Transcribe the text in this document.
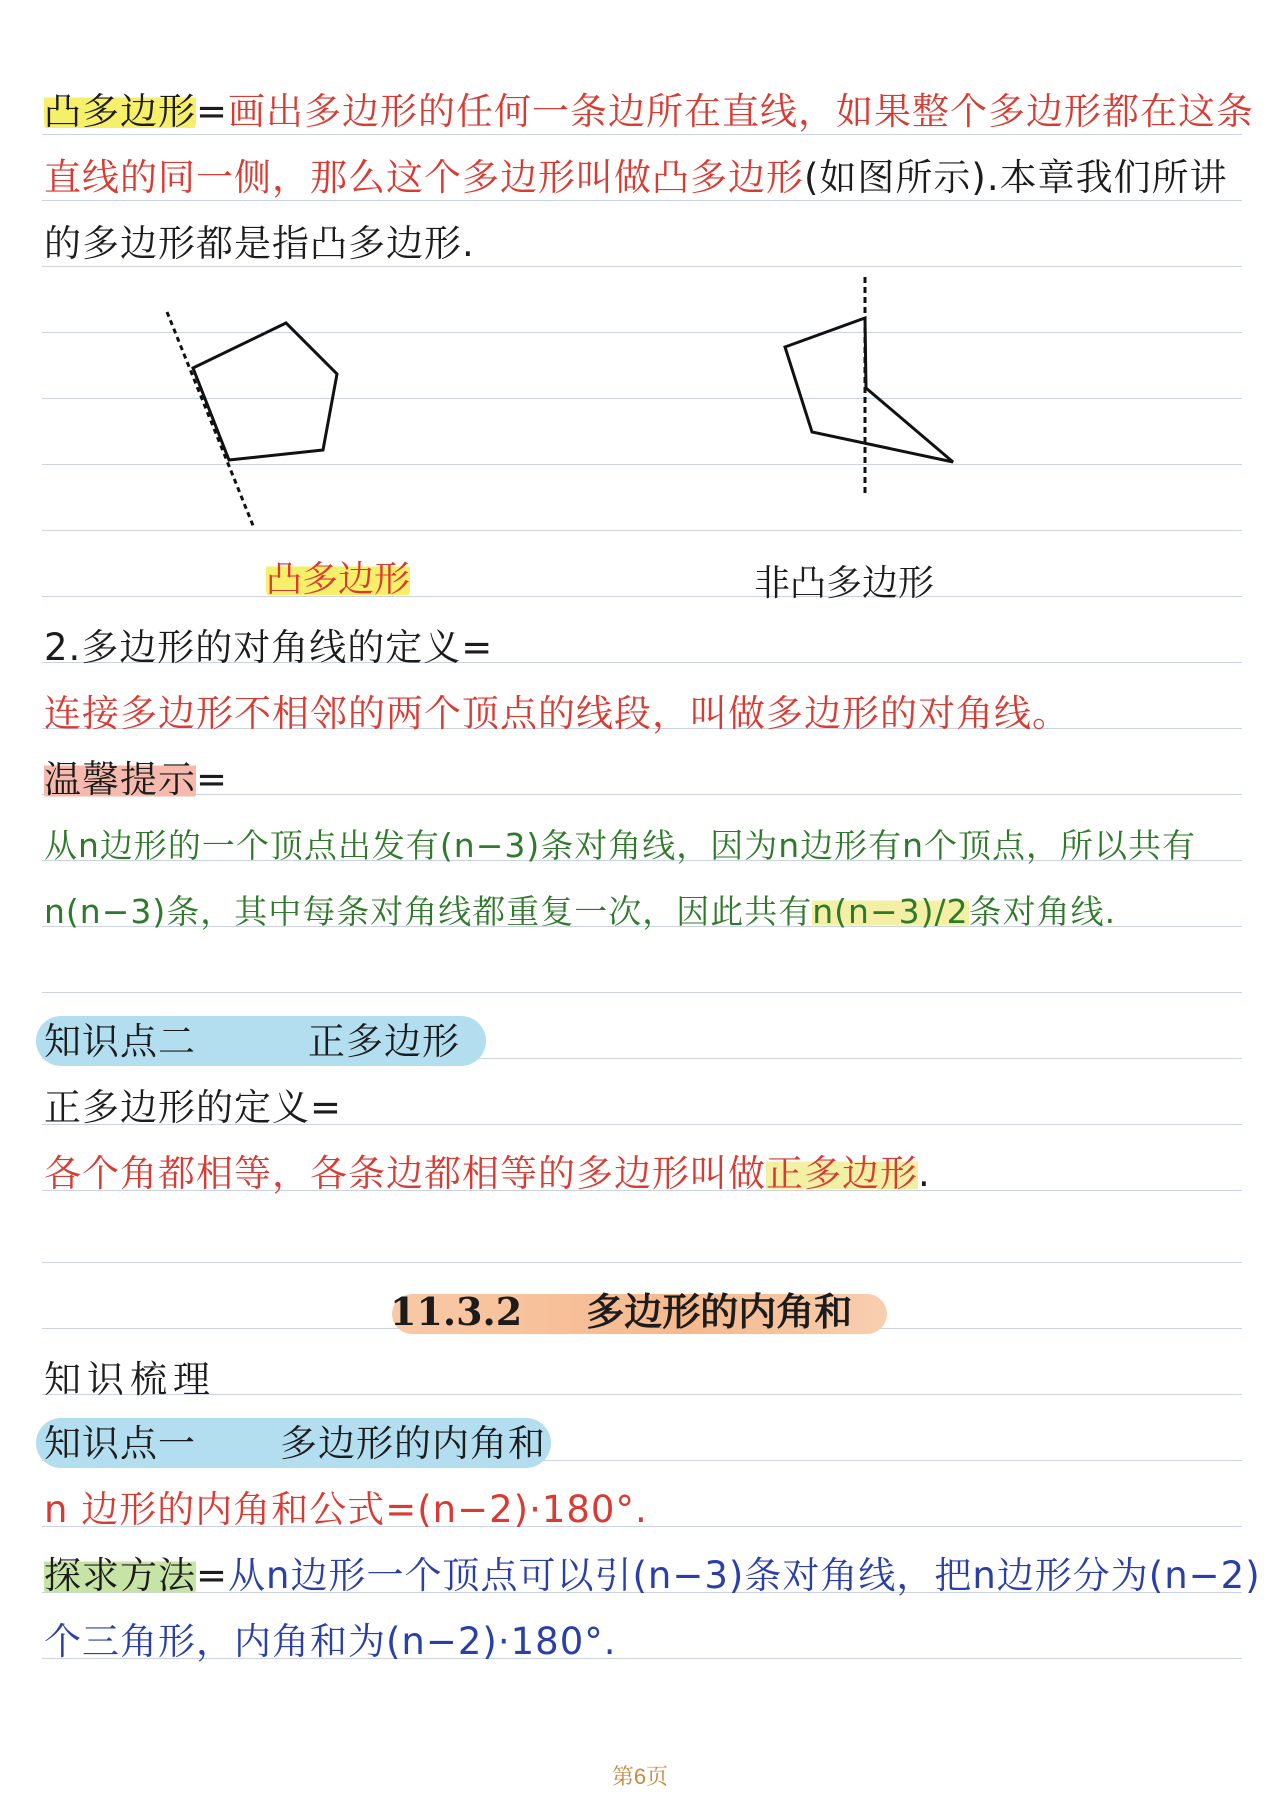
凸多边形=画出多边形的任何一条边所在直线，如果整个多边形都在这条
直线的同一侧，那么这个多边形叫做凸多边形(如图所示).本章我们所讲
的多边形都是指凸多边形.
凸多边形	非凸多边形
2.多边形的对角线的定义=
连接多边形不相邻的两个顶点的线段，叫做多边形的对角线。
温馨提示=
从n边形的一个顶点出发有(n−3)条对角线，因为n边形有n个顶点，所以共有
n(n−3)条，其中每条对角线都重复一次，因此共有n(n−3)/2条对角线.
知识点二	正多边形
正多边形的定义=
各个角都相等，各条边都相等的多边形叫做正多边形.
11.3.2 多边形的内角和
知识梳理
知识点一 多边形的内角和
n 边形的内角和公式=(n−2)·180°.
探求方法=从n边形一个顶点可以引(n−3)条对角线，把n边形分为(n−2)
个三角形，内角和为(n−2)·180°.
第6页
